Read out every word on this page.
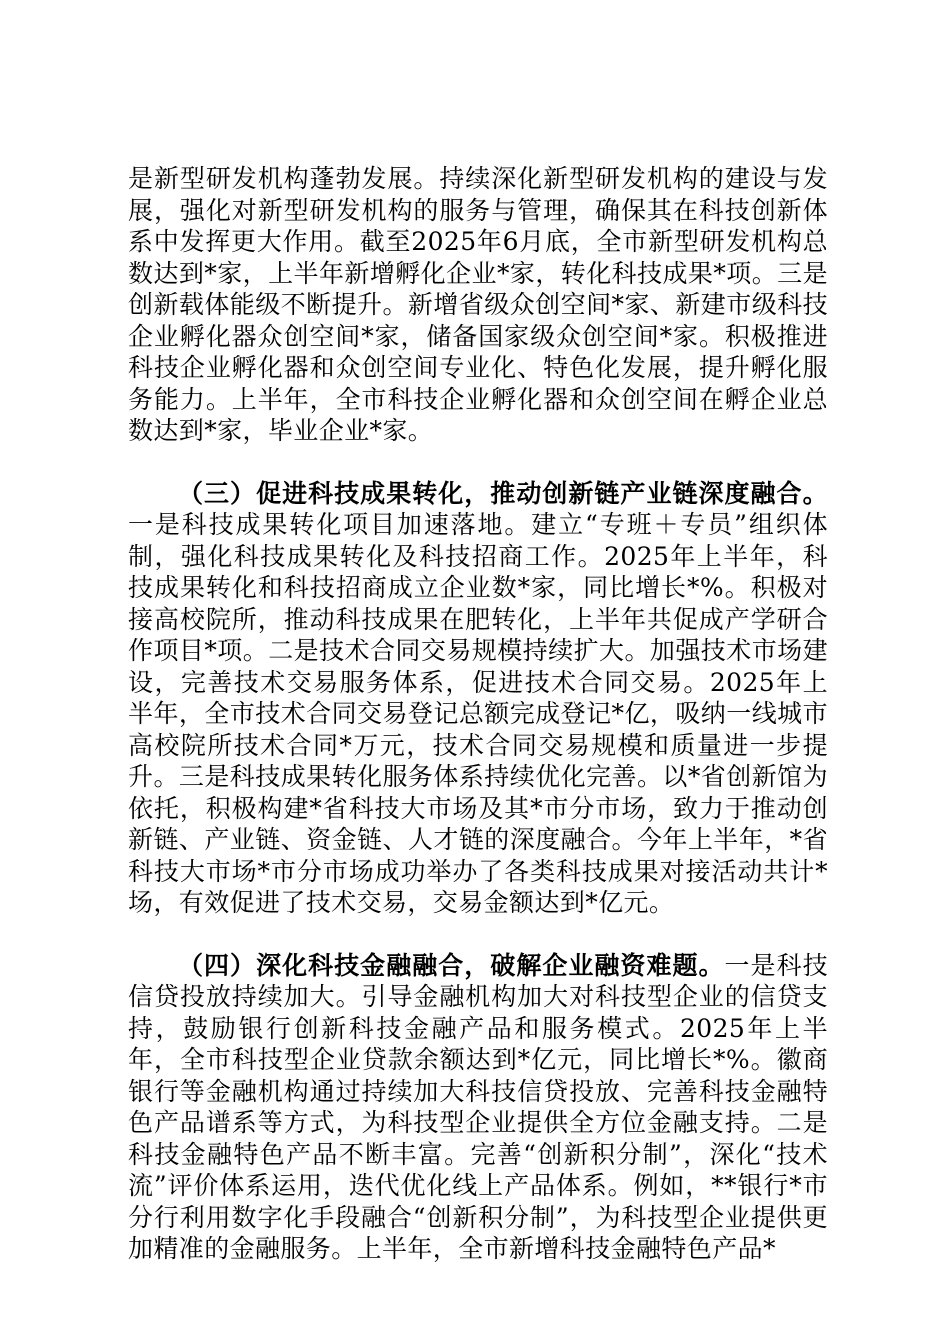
是新型研发机构蓬勃发展。持续深化新型研发机构的建设与发展，强化对新型研发机构的服务与管理，确保其在科技创新体系中发挥更大作用。截至2025年6月底，全市新型研发机构总数达到*家，上半年新增孵化企业*家，转化科技成果*项。三是创新载体能级不断提升。新增省级众创空间*家、新建市级科技企业孵化器众创空间*家，储备国家级众创空间*家。积极推进科技企业孵化器和众创空间专业化、特色化发展，提升孵化服务能力。上半年，全市科技企业孵化器和众创空间在孵企业总数达到*家，毕业企业*家。

（三）促进科技成果转化，推动创新链产业链深度融合。一是科技成果转化项目加速落地。建立“专班＋专员”组织体制，强化科技成果转化及科技招商工作。2025年上半年，科技成果转化和科技招商成立企业数*家，同比增长*%。积极对接高校院所，推动科技成果在肥转化，上半年共促成产学研合作项目*项。二是技术合同交易规模持续扩大。加强技术市场建设，完善技术交易服务体系，促进技术合同交易。2025年上半年，全市技术合同交易登记总额完成登记*亿，吸纳一线城市高校院所技术合同*万元，技术合同交易规模和质量进一步提升。三是科技成果转化服务体系持续优化完善。以*省创新馆为依托，积极构建*省科技大市场及其*市分市场，致力于推动创新链、产业链、资金链、人才链的深度融合。今年上半年，*省科技大市场*市分市场成功举办了各类科技成果对接活动共计*场，有效促进了技术交易，交易金额达到*亿元。

（四）深化科技金融融合，破解企业融资难题。一是科技信贷投放持续加大。引导金融机构加大对科技型企业的信贷支持，鼓励银行创新科技金融产品和服务模式。2025年上半年，全市科技型企业贷款余额达到*亿元，同比增长*%。徽商银行等金融机构通过持续加大科技信贷投放、完善科技金融特色产品谱系等方式，为科技型企业提供全方位金融支持。二是科技金融特色产品不断丰富。完善“创新积分制”，深化“技术流”评价体系运用，迭代优化线上产品体系。例如，**银行*市分行利用数字化手段融合“创新积分制”，为科技型企业提供更加精准的金融服务。上半年，全市新增科技金融特色产品*
